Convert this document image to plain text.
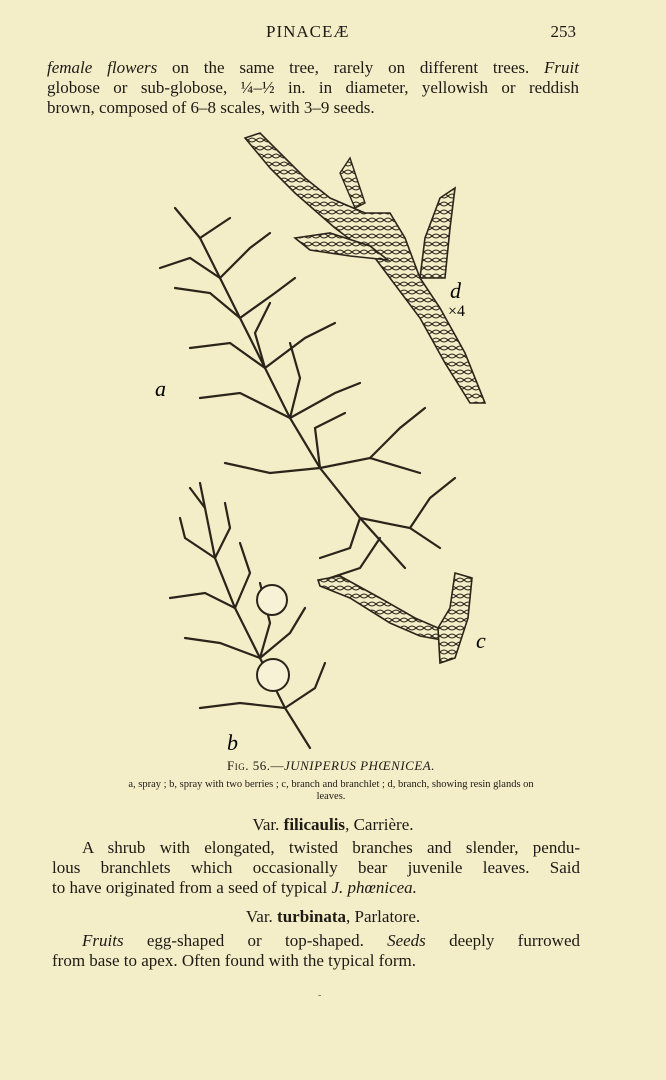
PINACEÆ	253
female flowers on the same tree, rarely on different trees. Fruit
globose or sub-globose, ¼–½ in. in diameter, yellowish or reddish
brown, composed of 6–8 scales, with 3–9 seeds.
a
b
c
d
×4
Fig. 56.—JUNIPERUS PHŒNICEA.
a, spray ; b, spray with two berries ; c, branch and branchlet ; d, branch, showing resin glands on
leaves.
Var. filicaulis, Carrière.
A shrub with elongated, twisted branches and slender, pendu-
lous branchlets which occasionally bear juvenile leaves. Said
to have originated from a seed of typical J. phœnicea.
Var. turbinata, Parlatore.
Fruits egg-shaped or top-shaped. Seeds deeply furrowed
from base to apex. Often found with the typical form.
-
